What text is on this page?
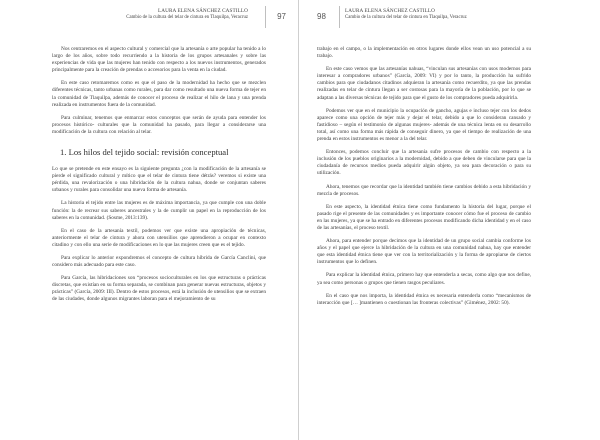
LAURA ELENA SÁNCHEZ CASTILLO
Cambio de la cultura del telar de cintura en Tlaquilpa, Veracruz	97

Nos centraremos en el aspecto cultural y comercial que la artesanía o arte popular ha tenido a lo largo de los años, sobre todo recurriendo a la historia de los grupos artesanales y sobre las experiencias de vida que las mujeres han tenido con respecto a los nuevos instrumentos, generados principalmente para la creación de prendas o accesorios para la venta en la ciudad.

En este caso retomaremos como es que el paso de la modernidad ha hecho que se mezclen diferentes técnicas, tanto urbanas como rurales, para dar como resultado una nueva forma de tejer en la comunidad de Tlaquilpa, además de conocer el proceso de realizar el hilo de lana y una prenda realizada en instrumentos fuera de la comunidad.

Para culminar, tenemos que enmarcar estos conceptos que serán de ayuda para entender los procesos histórico- culturales que la comunidad ha pasado, para llegar a considerarse una modificación de la cultura con relación al telar.

1. Los hilos del tejido social: revisión conceptual

Lo que se pretende en este ensayo es la siguiente pregunta ¿con la modificación de la artesanía se pierde el significado cultural y mítico que el telar de cintura tiene détrás? veremos si existe una pérdida, una revalorización o una hibridación de la cultura nahua, donde se conjuntan saberes urbanos y rurales para consolidar una nueva forma de artesanía.

La historia el tejido entre las mujeres es de máxima importancia, ya que cumple con una doble función: la de recrear sus saberes ancestrales y la de cumplir un papel en la reproducción de los saberes en la comunidad. (Sosme, 2013:139).

En el caso de la artesanía textil, podemos ver que existe una apropiación de técnicas, anteriormente el telar de cintura y ahora con utensilios que aprendieron a ocupar en contexto citadino y con ello una serie de modificaciones en lo que las mujeres creen que es el tejido.

Para explicar lo anterior expondremos el concepto de cultura híbrida de García Canclini, que considero más adecuado para este caso.

Para García, las hibridaciones son “procesos socioculturales en los que estructuras o prácticas discretas, que existían en su forma separada, se combinan para generar nuevas estructuras, objetos y prácticas” (García, 2009: III). Dentro de estos procesos, está la inclusión de utensilios que se extraen de las ciudades, donde algunos migrantes laboran para el mejoramiento de su

98
LAURA ELENA SÁNCHEZ CASTILLO
Cambio de la cultura del telar de cintura en Tlaquilpa, Veracruz

trabajo en el campo, o la implementación en otros lugares donde ellos vean un uso potencial a su trabajo.

En este caso vemos que las artesanías nahuas, “vinculan sus artesanías con usos modernos para interesar a compradores urbanos” (García, 2009: VI) y por lo tanto, la producción ha sufrido cambios para que ciudadanos citadinos adquieran la artesanía como recuerdito, ya que las prendas realizadas en telar de cintura llegan a ser costosas para la mayoría de la población, por lo que se adaptan a las diversas técnicas de tejido para que el gusto de los compradores pueda adquirirla.

Podemos ver que en el municipio la ocupación de gancho, agujas e incluso tejer con los dedos aparece como una opción de tejer más y dejar el telar, debido a que lo consideran cansado y fastidioso – según el testimonio de algunas mujeres- además de una técnica lenta en su desarrollo total, así como una forma más rápida de conseguir dinero, ya que el tiempo de realización de una prenda en estos instrumentos es menor a la del telar.

Entonces, podemos concluir que la artesanía sufre procesos de cambio con respecto a la inclusión de los pueblos originarios a la modernidad, debido a que deben de vincularse para que la ciudadanía de recursos medios pueda adquirir algún objeto, ya sea para decoración o para su utilización.

Ahora, tenemos que recordar que la identidad también tiene cambios debido a esta hibridación y mezcla de procesos.

En este aspecto, la identidad étnica tiene como fundamento la historia del lugar, porque el pasado rige el presente de las comunidades y es importante conocer cómo fue el proceso de cambio en las mujeres, ya que se ha entrado en diferentes procesos modificando dicha identidad y en el caso de las artesanías, el proceso textil.

Ahora, para entender porque decimos que la identidad de un grupo social cambia conforme los años y el papel que ejerce la hibridación de la cultura en una comunidad nahua, hay que entender que esta identidad étnica tiene que ver con la territorialización y la forma de apropiarse de ciertos instrumentos que lo definen.

Para explicar la identidad étnica, primero hay que entenderla a secas, como algo que nos define, ya sea como personas o grupos que tienen rasgos peculiares.

En el caso que nos importa, la identidad étnica es necesaria entenderla como “mecanismos de interacción que [… ]mantienen o cuestionan las fronteras colectivas” (Giménez, 2002: 50).
